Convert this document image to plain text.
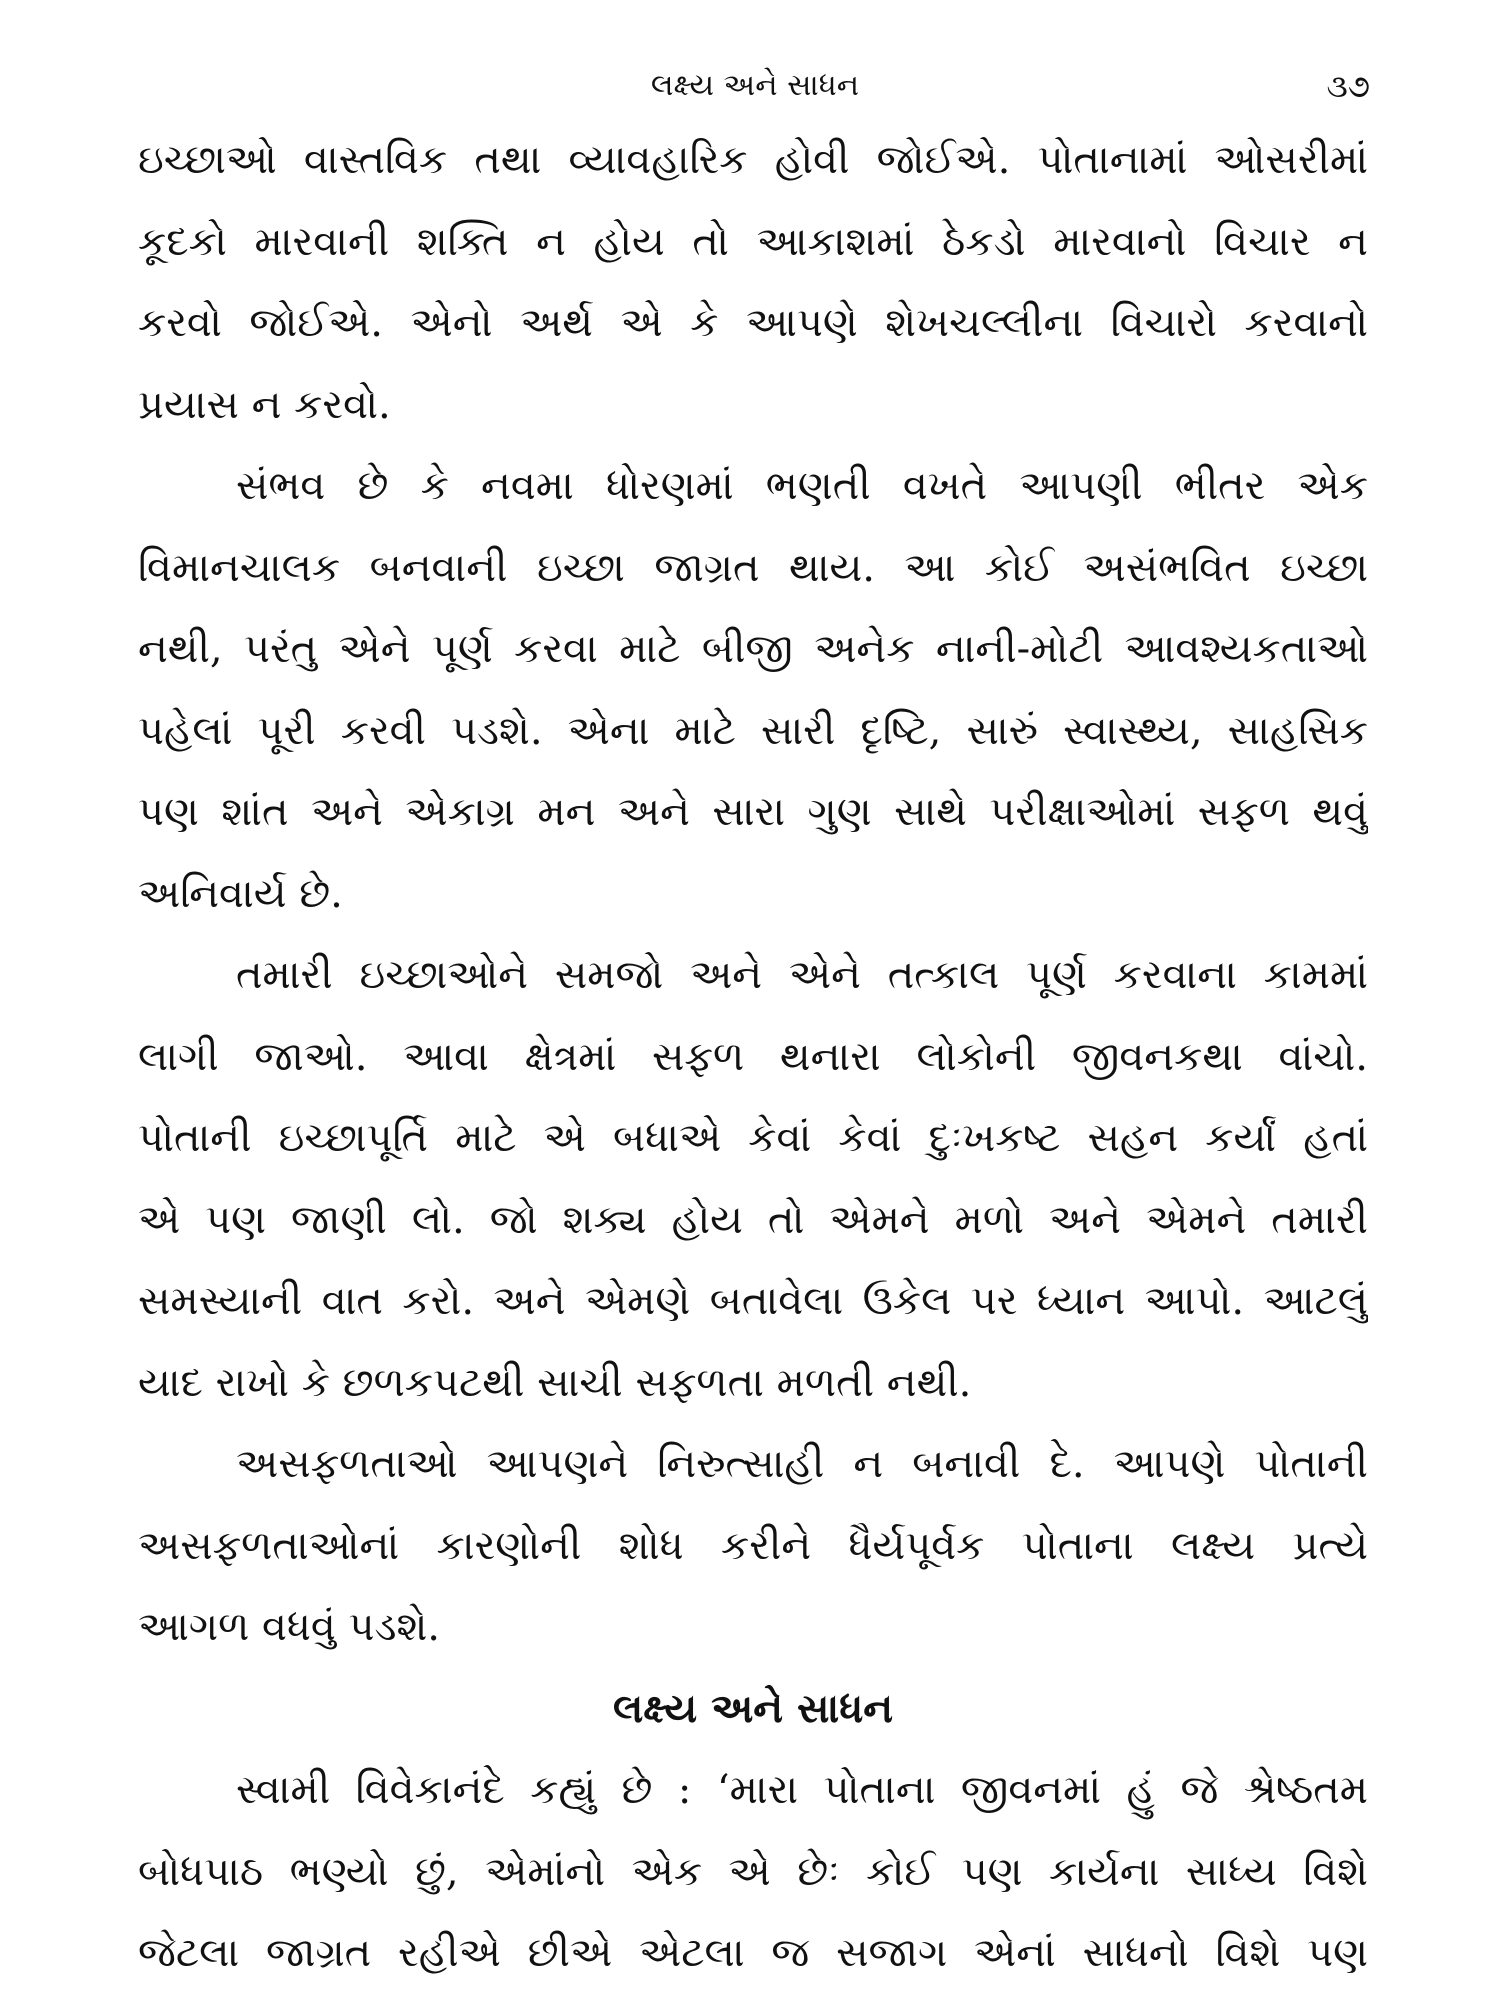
લક્ષ્ય અને સાધન	૩૭
ઇચ્છાઓ વાસ્તવિક તથા વ્યાવહારિક હોવી જોઈએ. પોતાનામાં ઓસરીમાં
કૂદકો મારવાની શક્તિ ન હોય તો આકાશમાં ઠેકડો મારવાનો વિચાર ન
કરવો જોઈએ. એનો અર્થ એ કે આપણે શેખચલ્લીના વિચારો કરવાનો
પ્રયાસ ન કરવો.
સંભવ છે કે નવમા ધોરણમાં ભણતી વખતે આપણી ભીતર એક
વિમાનચાલક બનવાની ઇચ્છા જાગ્રત થાય. આ કોઈ અસંભવિત ઇચ્છા
નથી, પરંતુ એને પૂર્ણ કરવા માટે બીજી અનેક નાની-મોટી આવશ્યકતાઓ
પહેલાં પૂરી કરવી પડશે. એના માટે સારી દૃષ્ટિ, સારું સ્વાસ્થ્ય, સાહસિક
પણ શાંત અને એકાગ્ર મન અને સારા ગુણ સાથે પરીક્ષાઓમાં સફળ થવું
અનિવાર્ય છે.
તમારી ઇચ્છાઓને સમજો અને એને તત્કાલ પૂર્ણ કરવાના કામમાં
લાગી જાઓ. આવા ક્ષેત્રમાં સફળ થનારા લોકોની જીવનકથા વાંચો.
પોતાની ઇચ્છાપૂર્તિ માટે એ બધાએ કેવાં કેવાં દુઃખકષ્ટ સહન કર્યાં હતાં
એ પણ જાણી લો. જો શક્ય હોય તો એમને મળો અને એમને તમારી
સમસ્યાની વાત કરો. અને એમણે બતાવેલા ઉકેલ પર ધ્યાન આપો. આટલું
યાદ રાખો કે છળકપટથી સાચી સફળતા મળતી નથી.
અસફળતાઓ આપણને નિરુત્સાહી ન બનાવી દે. આપણે પોતાની
અસફળતાઓનાં કારણોની શોધ કરીને ધૈર્યપૂર્વક પોતાના લક્ષ્ય પ્રત્યે
આગળ વધવું પડશે.
લક્ષ્ય અને સાધન
સ્વામી વિવેકાનંદે કહ્યું છે : ‘મારા પોતાના જીવનમાં હું જે શ્રેષ્ઠતમ
બોધપાઠ ભણ્યો છું, એમાંનો એક એ છેઃ કોઈ પણ કાર્યના સાધ્ય વિશે
જેટલા જાગ્રત રહીએ છીએ એટલા જ સજાગ એનાં સાધનો વિશે પણ
